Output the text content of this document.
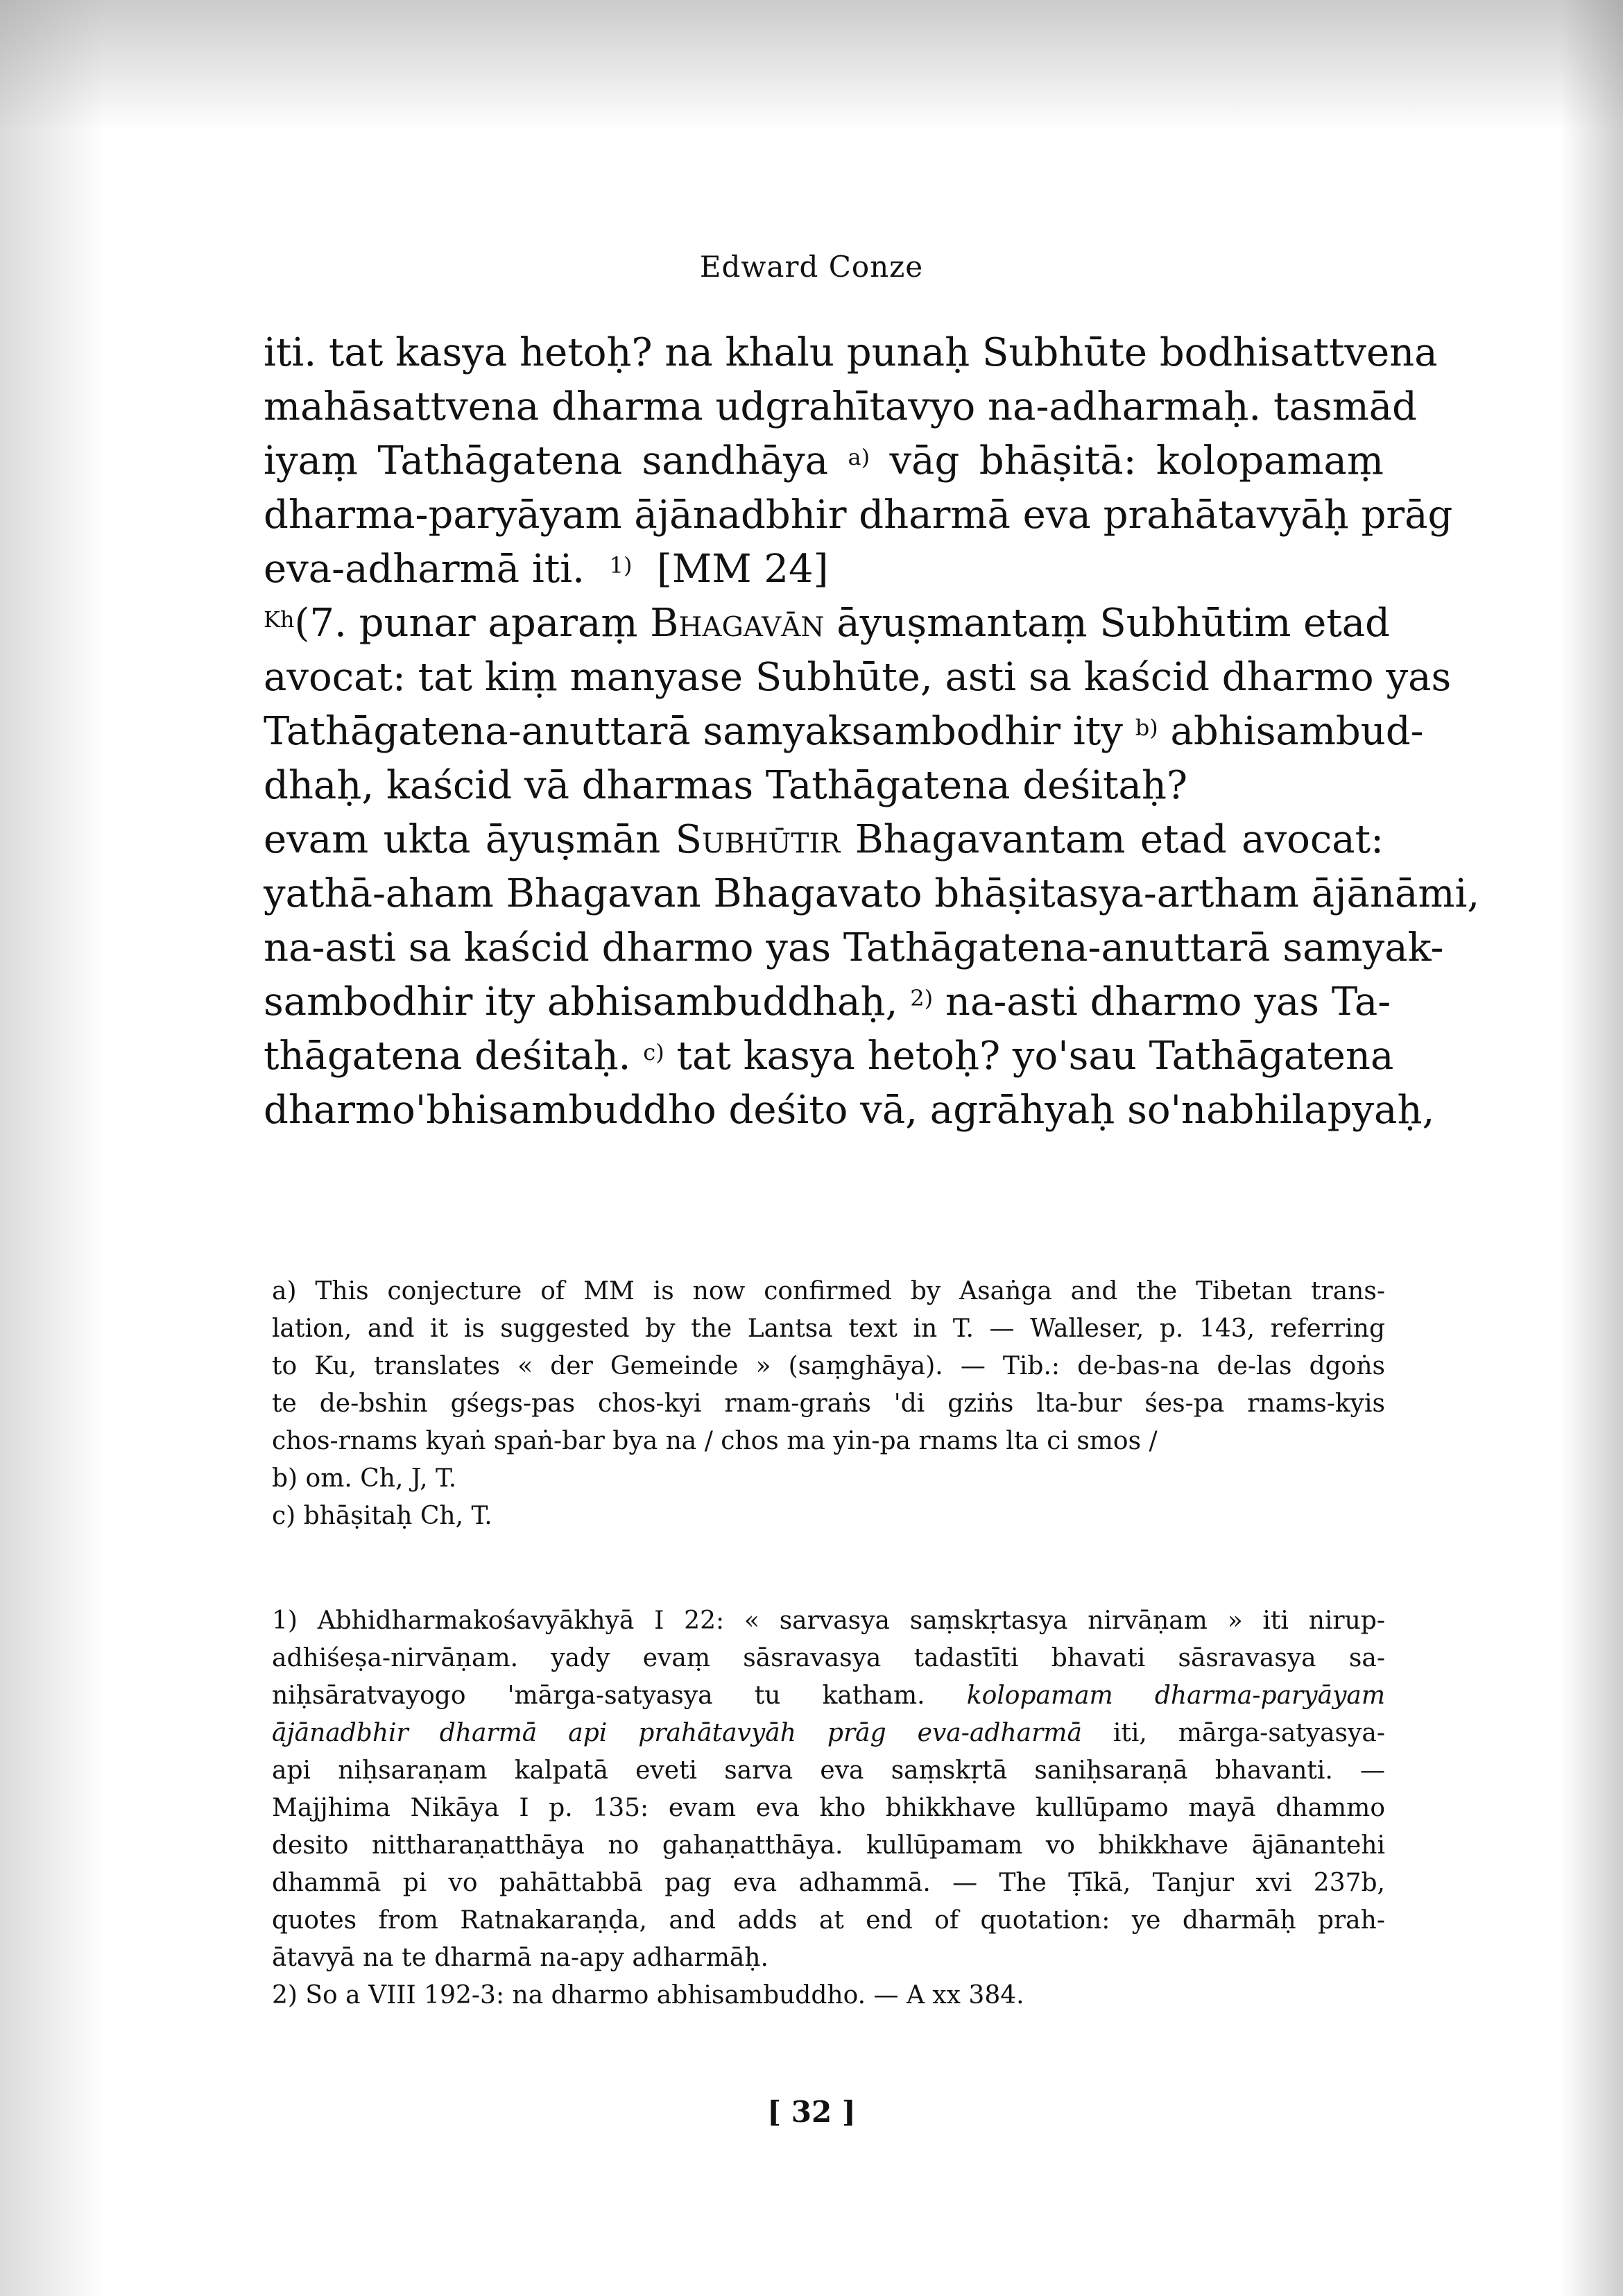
Edward Conze
iti. tat kasya hetoḥ? na khalu punaḥ Subhūte bodhisattvena
mahāsattvena dharma udgrahītavyo na-adharmaḥ. tasmād
iyaṃ Tathāgatena sandhāya $^{a)}$ vāg bhāṣitā: kolopamaṃ
dharma-paryāyam ājānadbhir dharmā eva prahātavyāḥ prāg
eva-adharmā iti. $^{1)}$ [MM 24]
$^{Kh}$(7. punar aparaṃ Bhagavān āyuṣmantaṃ Subhūtim etad
avocat: tat kiṃ manyase Subhūte, asti sa kaścid dharmo yas
Tathāgatena-anuttarā samyaksambodhir ity $^{b)}$ abhisambud-
dhaḥ, kaścid vā dharmas Tathāgatena deśitaḥ?
evam ukta āyuṣmān Subhūtir Bhagavantam etad avocat:
yathā-aham Bhagavan Bhagavato bhāṣitasya-artham ājānāmi,
na-asti sa kaścid dharmo yas Tathāgatena-anuttarā samyak-
sambodhir ity abhisambuddhaḥ, $^{2)}$ na-asti dharmo yas Ta-
thāgatena deśitaḥ. $^{c)}$ tat kasya hetoḥ? yo'sau Tathāgatena
dharmo'bhisambuddho deśito vā, agrāhyaḥ so'nabhilapyaḥ,
a) This conjecture of MM is now confirmed by Asaṅga and the Tibetan trans-
lation, and it is suggested by the Lantsa text in T. — Walleser, p. 143, referring
to Ku, translates « der Gemeinde » (saṃghāya). — Tib.: de-bas-na de-las dgoṅs
te de-bshin gśegs-pas chos-kyi rnam-graṅs 'di gziṅs lta-bur śes-pa rnams-kyis
chos-rnams kyaṅ spaṅ-bar bya na / chos ma yin-pa rnams lta ci smos /
b) om. Ch, J, T.
c) bhāṣitaḥ Ch, T.
1) Abhidharmakośavyākhyā I 22: « sarvasya saṃskṛtasya nirvāṇam » iti nirup-
adhiśeṣa-nirvāṇam. yady evaṃ sāsravasya tadastīti bhavati sāsravasya sa-
niḥsāratvayogo 'mārga-satyasya tu katham. kolopamam dharma-paryāyam
ājānadbhir dharmā api prahātavyāh prāg eva-adharmā iti, mārga-satyasya-
api niḥsaraṇam kalpatā eveti sarva eva saṃskṛtā saniḥsaraṇā bhavanti. —
Majjhima Nikāya I p. 135: evam eva kho bhikkhave kullūpamo mayā dhammo
desito nittharaṇatthāya no gahaṇatthāya. kullūpamam vo bhikkhave ājānantehi
dhammā pi vo pahāttabbā pag eva adhammā. — The Ṭīkā, Tanjur xvi 237b,
quotes from Ratnakaraṇḍa, and adds at end of quotation: ye dharmāḥ prah-
ātavyā na te dharmā na-apy adharmāḥ.
2) So a VIII 192-3: na dharmo abhisambuddho. — A xx 384.
[ 32 ]
